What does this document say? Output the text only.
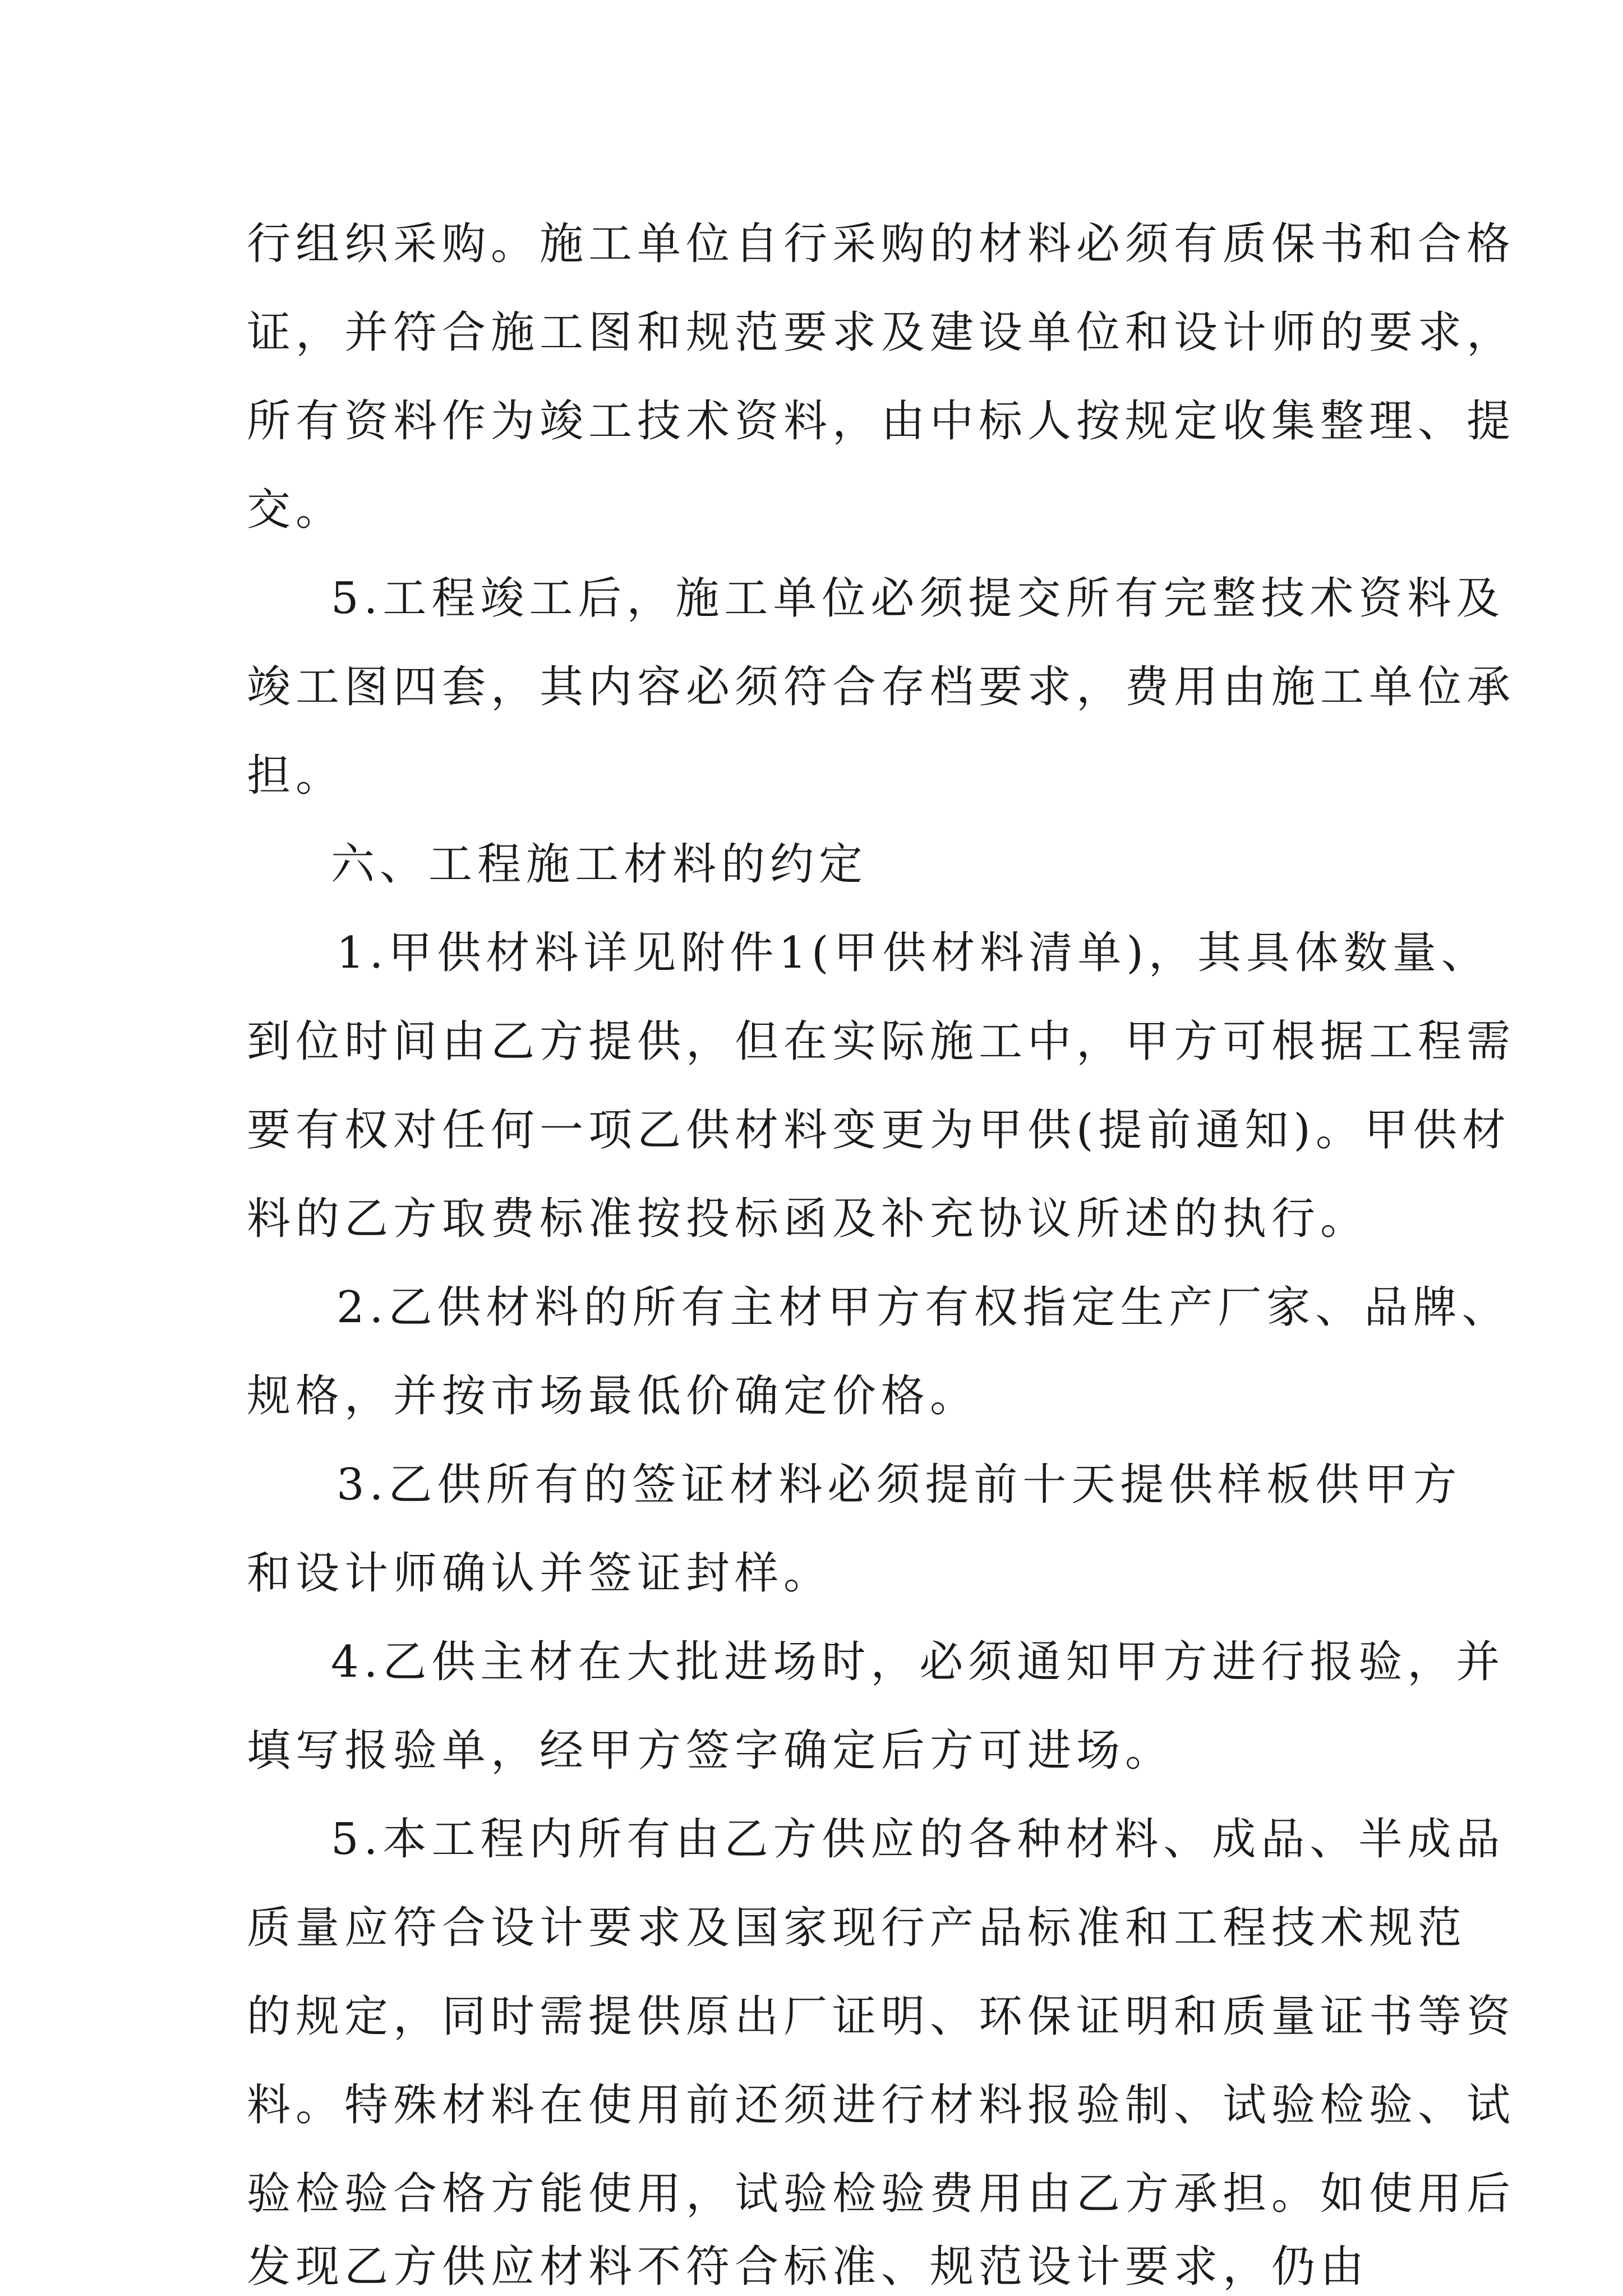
行组织采购。施工单位自行采购的材料必须有质保书和合格
证，并符合施工图和规范要求及建设单位和设计师的要求，
所有资料作为竣工技术资料，由中标人按规定收集整理、提
交。
5.工程竣工后，施工单位必须提交所有完整技术资料及
竣工图四套，其内容必须符合存档要求，费用由施工单位承
担。
六、工程施工材料的约定
1.甲供材料详见附件1(甲供材料清单)，其具体数量、
到位时间由乙方提供，但在实际施工中，甲方可根据工程需
要有权对任何一项乙供材料变更为甲供(提前通知)。甲供材
料的乙方取费标准按投标函及补充协议所述的执行。
2.乙供材料的所有主材甲方有权指定生产厂家、品牌、
规格，并按市场最低价确定价格。
3.乙供所有的签证材料必须提前十天提供样板供甲方
和设计师确认并签证封样。
4.乙供主材在大批进场时，必须通知甲方进行报验，并
填写报验单，经甲方签字确定后方可进场。
5.本工程内所有由乙方供应的各种材料、成品、半成品
质量应符合设计要求及国家现行产品标准和工程技术规范
的规定，同时需提供原出厂证明、环保证明和质量证书等资
料。特殊材料在使用前还须进行材料报验制、试验检验、试
验检验合格方能使用，试验检验费用由乙方承担。如使用后
发现乙方供应材料不符合标准、规范设计要求，仍由
